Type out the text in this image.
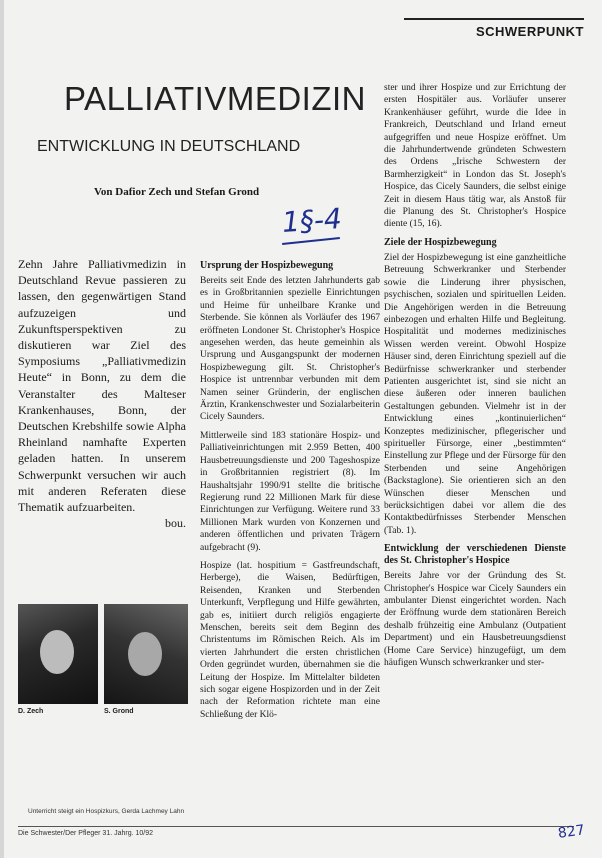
SCHWERPUNKT
PALLIATIVMEDIZIN
ENTWICKLUNG IN DEUTSCHLAND
Von Dafior Zech und Stefan Grond
1§-4

Zehn Jahre Palliativmedizin in Deutschland Revue passieren zu lassen, den gegenwärtigen Stand aufzuzeigen und Zukunftsperspektiven zu diskutieren war Ziel des Symposiums „Palliativmedizin Heute“ in Bonn, zu dem die Veranstalter des Malteser Krankenhauses, Bonn, der Deutschen Krebshilfe sowie Alpha Rheinland namhafte Experten geladen hatten. In unserem Schwerpunkt versuchen wir auch mit anderen Referaten diese Thematik aufzuarbeiten.

bou.

D. Zech	S. Grond
Ursprung der Hospizbewegung

Bereits seit Ende des letzten Jahrhunderts gab es in Großbritannien spezielle Einrichtungen und Heime für unheilbare Kranke und Sterbende. Sie können als Vorläufer des 1967 eröffneten Londoner St. Christopher's Hospice angesehen werden, das heute gemeinhin als Ursprung und Ausgangspunkt der modernen Hospizbewegung gilt. St. Christopher's Hospice ist untrennbar verbunden mit dem Namen seiner Gründerin, der englischen Ärztin, Krankenschwester und Sozialarbeiterin Cicely Saunders.

Mittlerweile sind 183 stationäre Hospiz- und Palliativeinrichtungen mit 2.959 Betten, 400 Hausbetreuungsdienste und 200 Tageshospize in Großbritannien registriert (8). Im Haushaltsjahr 1990/91 stellte die britische Regierung rund 22 Millionen Mark für diese Einrichtungen zur Verfügung. Weitere rund 33 Millionen Mark wurden von Konzernen und anderen öffentlichen und privaten Trägern aufgebracht (9).

Hospize (lat. hospitium = Gastfreundschaft, Herberge), die Waisen, Bedürftigen, Reisenden, Kranken und Sterbenden Unterkunft, Verpflegung und Hilfe gewährten, gab es, initiiert durch religiös engagierte Menschen, bereits seit dem Beginn des Christentums im Römischen Reich. Als im vierten Jahrhundert die ersten christlichen Orden gegründet wurden, übernahmen sie die Leitung der Hospize. Im Mittelalter bildeten sich sogar eigene Hospizorden und in der Zeit nach der Reformation richtete man eine Schließung der Klö-

ster und ihrer Hospize und zur Errichtung der ersten Hospitäler aus. Vorläufer unserer Krankenhäuser geführt, wurde die Idee in Frankreich, Deutschland und Irland erneut aufgegriffen und neue Hospize eröffnet. Um die Jahrhundertwende gründeten Schwestern des Ordens „Irische Schwestern der Barmherzigkeit“ in London das St. Joseph's Hospice, das Cicely Saunders, die selbst einige Zeit in diesem Haus tätig war, als Anstoß für die Planung des St. Christopher's Hospice diente (15, 16).

Ziele der Hospizbewegung

Ziel der Hospizbewegung ist eine ganzheitliche Betreuung Schwerkranker und Sterbender sowie die Linderung ihrer physischen, psychischen, sozialen und spirituellen Leiden. Die Angehörigen werden in die Betreuung einbezogen und erhalten Hilfe und Begleitung. Hospitalität und modernes medizinisches Wissen werden vereint. Obwohl Hospize Häuser sind, deren Einrichtung speziell auf die Bedürfnisse schwerkranker und sterbender Patienten ausgerichtet ist, sind sie nicht an diese äußeren oder inneren baulichen Gestaltungen gebunden. Vielmehr ist in der Entwicklung eines „kontinuierlichen“ Konzeptes medizinischer, pflegerischer und spiritueller Fürsorge, einer „bestimmten“ Einstellung zur Pflege und der Fürsorge für den Sterbenden und seine Angehörigen (Backstaglone). Sie orientieren sich an den Wünschen dieser Menschen und berücksichtigen dabei vor allem die des Kontaktbedürfnisses Sterbender Menschen (Tab. 1).

Entwicklung der verschiedenen Dienste des St. Christopher's Hospice

Bereits Jahre vor der Gründung des St. Christopher's Hospice war Cicely Saunders ein ambulanter Dienst eingerichtet worden. Nach der Eröffnung wurde dem stationären Bereich deshalb frühzeitig eine Ambulanz (Outpatient Department) und ein Hausbetreuungsdienst (Home Care Service) hinzugefügt, um dem häufigen Wunsch schwerkranker und ster-

Unterricht steigt ein Hospizkurs, Gerda Lachmey Lahn
Die Schwester/Der Pfleger 31. Jahrg. 10/92	827
